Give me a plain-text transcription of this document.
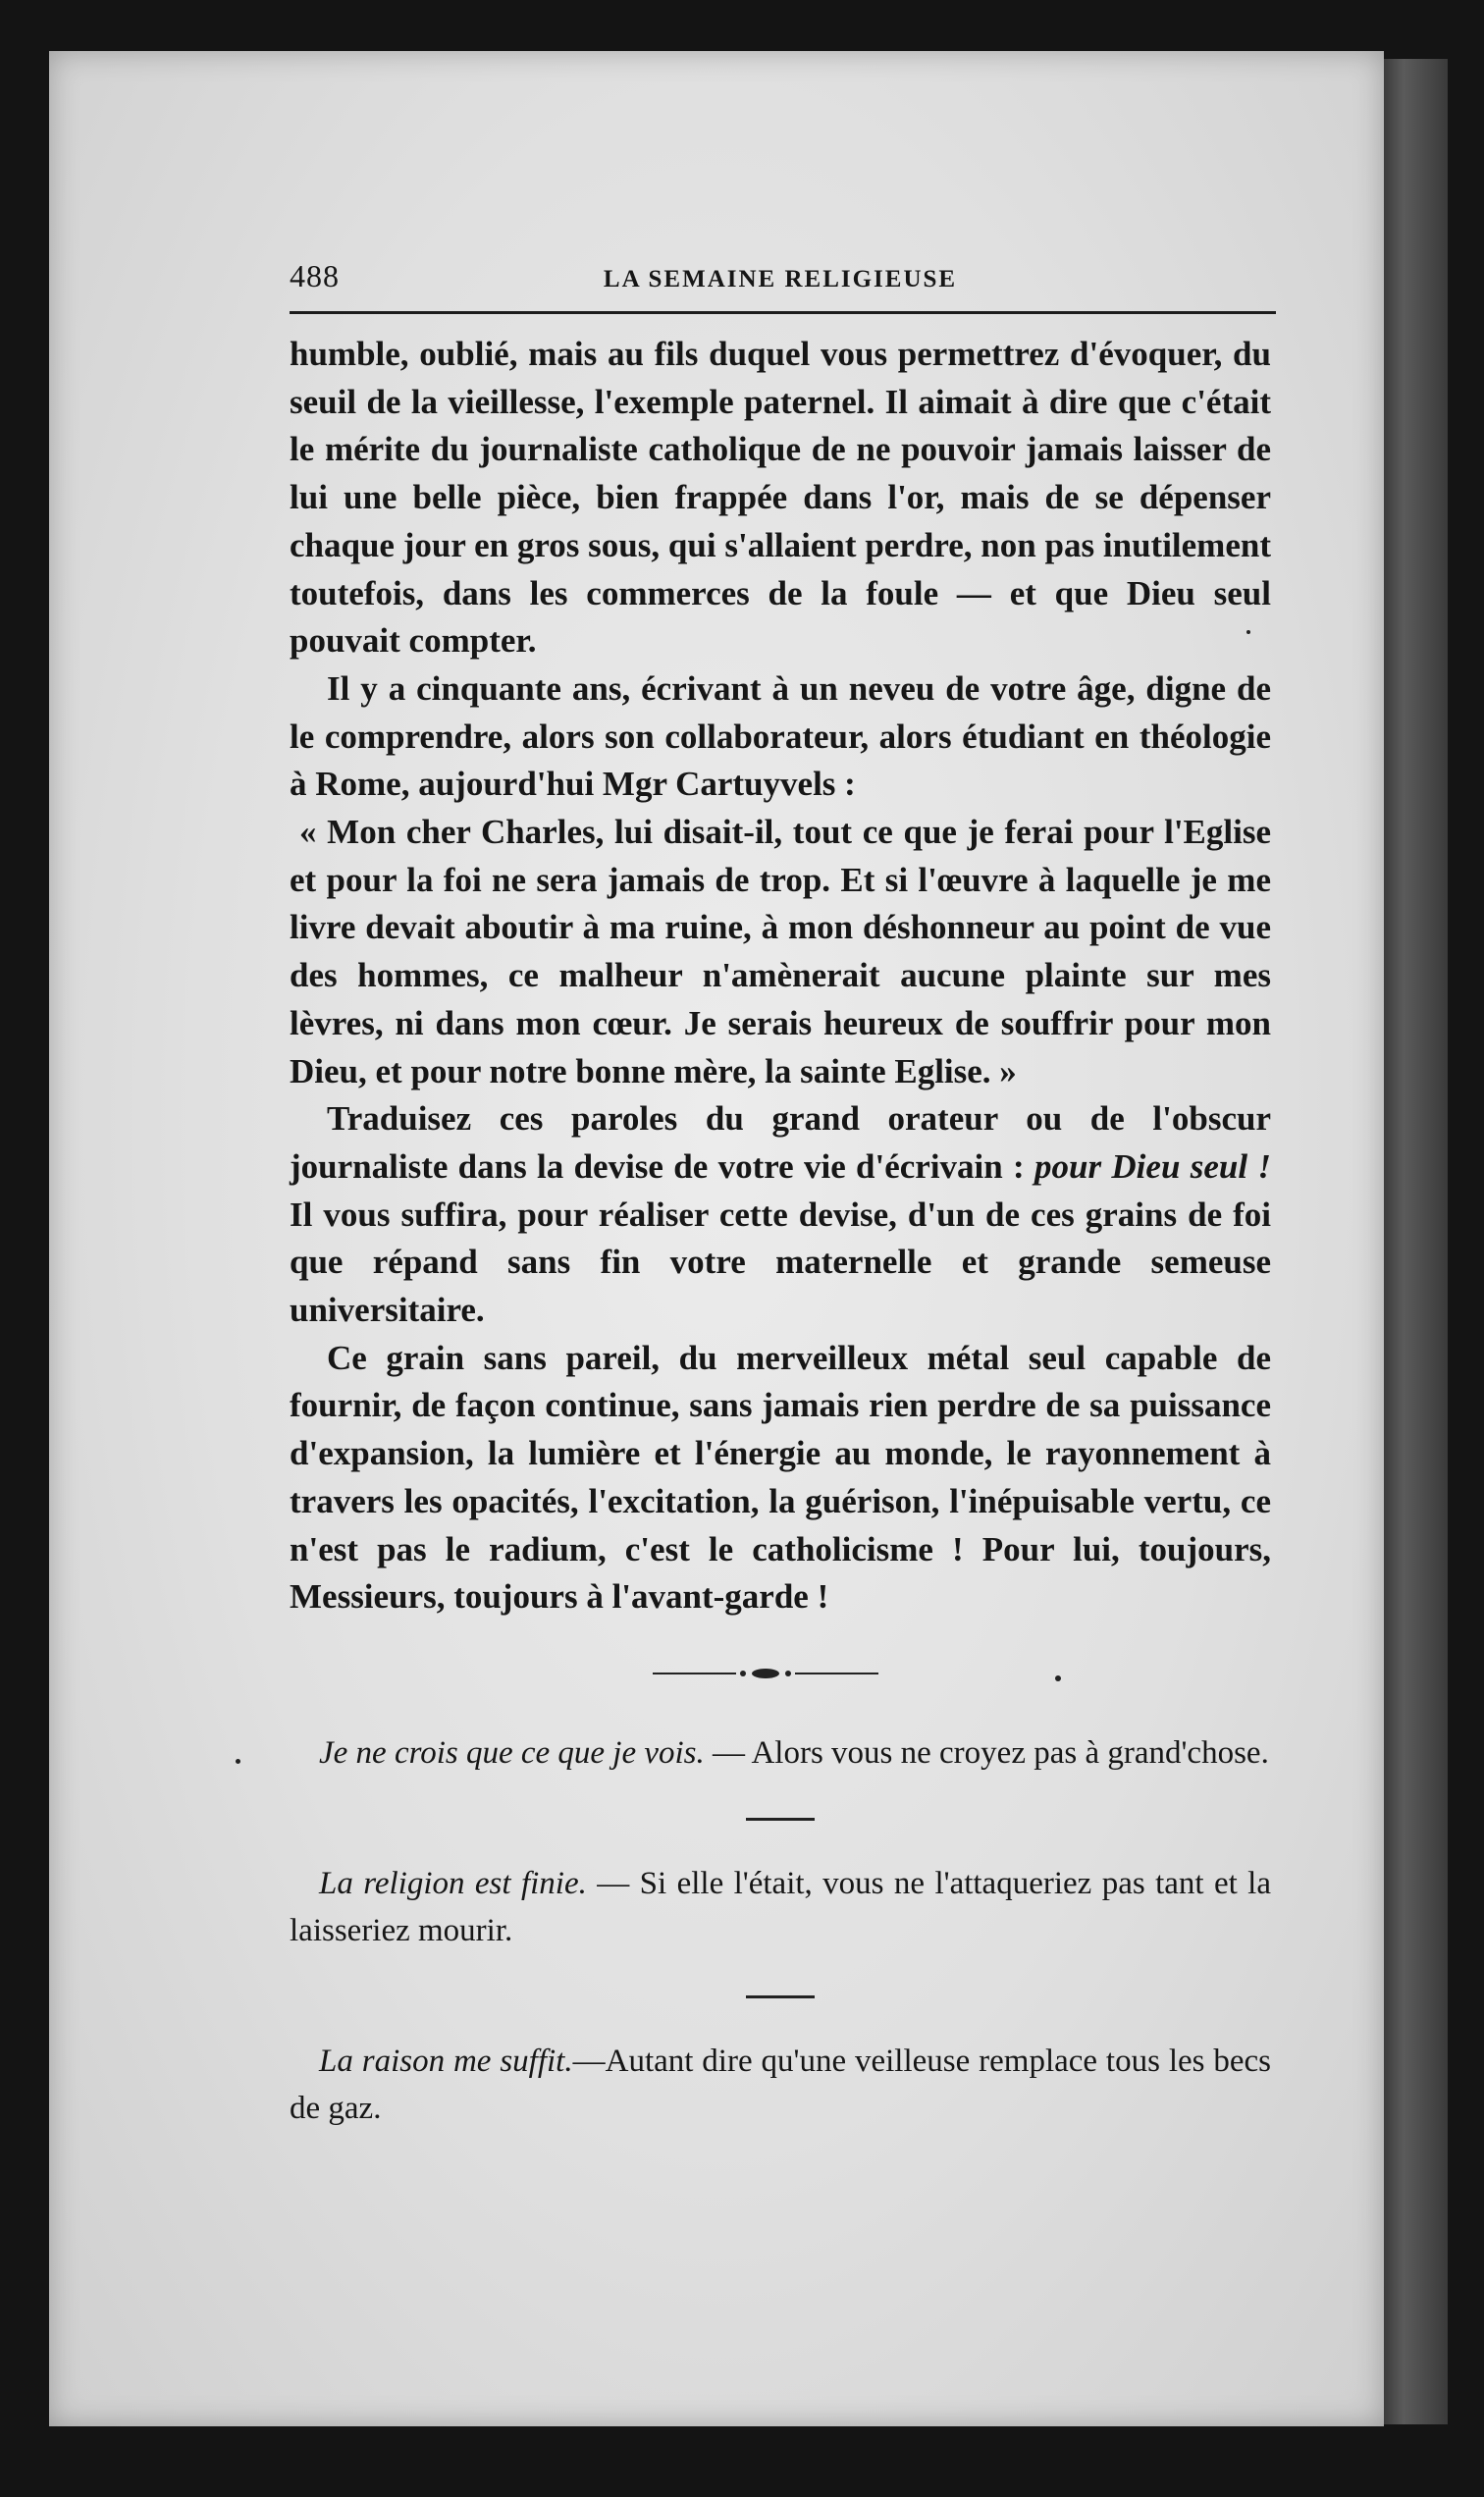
488	LA SEMAINE RELIGIEUSE

humble, oublié, mais au fils duquel vous permettrez d'évoquer, du seuil de la vieillesse, l'exemple paternel. Il aimait à dire que c'était le mérite du journaliste catholique de ne pouvoir jamais laisser de lui une belle pièce, bien frappée dans l'or, mais de se dépenser chaque jour en gros sous, qui s'allaient perdre, non pas inutilement toutefois, dans les commerces de la foule — et que Dieu seul pouvait compter.

Il y a cinquante ans, écrivant à un neveu de votre âge, digne de le comprendre, alors son collaborateur, alors étudiant en théologie à Rome, aujourd'hui Mgr Cartuyvels :

« Mon cher Charles, lui disait-il, tout ce que je ferai pour l'Eglise et pour la foi ne sera jamais de trop. Et si l'œuvre à laquelle je me livre devait aboutir à ma ruine, à mon déshonneur au point de vue des hommes, ce malheur n'amènerait aucune plainte sur mes lèvres, ni dans mon cœur. Je serais heureux de souffrir pour mon Dieu, et pour notre bonne mère, la sainte Eglise. »

Traduisez ces paroles du grand orateur ou de l'obscur journaliste dans la devise de votre vie d'écrivain : pour Dieu seul ! Il vous suffira, pour réaliser cette devise, d'un de ces grains de foi que répand sans fin votre maternelle et grande semeuse universitaire.

Ce grain sans pareil, du merveilleux métal seul capable de fournir, de façon continue, sans jamais rien perdre de sa puissance d'expansion, la lumière et l'énergie au monde, le rayonnement à travers les opacités, l'excitation, la guérison, l'inépuisable vertu, ce n'est pas le radium, c'est le catholicisme ! Pour lui, toujours, Messieurs, toujours à l'avant-garde !

Je ne crois que ce que je vois. — Alors vous ne croyez pas à grand'chose.

La religion est finie. — Si elle l'était, vous ne l'attaqueriez pas tant et la laisseriez mourir.

La raison me suffit.—Autant dire qu'une veilleuse remplace tous les becs de gaz.
